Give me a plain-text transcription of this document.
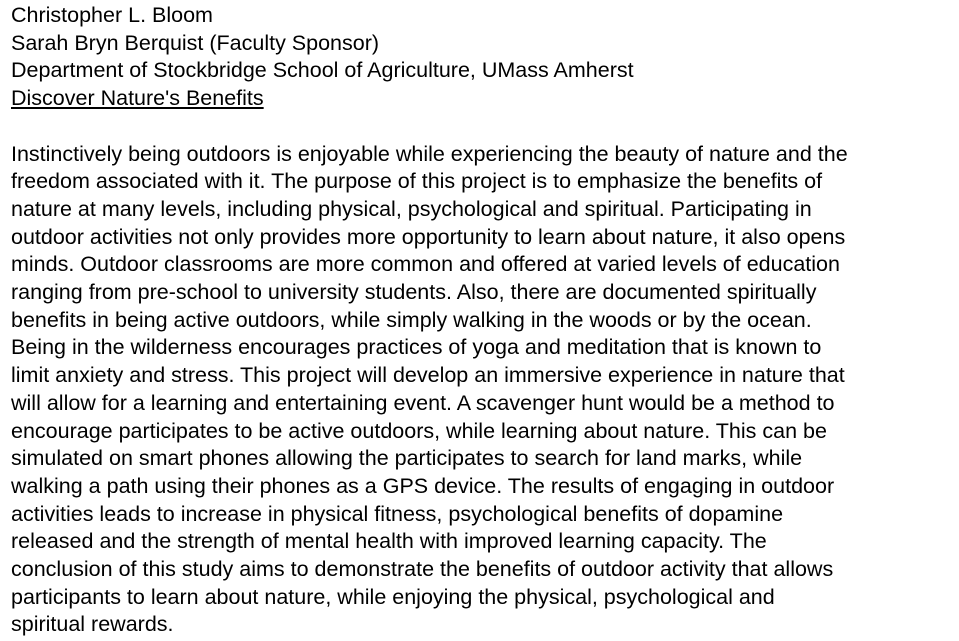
Christopher L. Bloom
Sarah Bryn Berquist (Faculty Sponsor)
Department of Stockbridge School of Agriculture, UMass Amherst
Discover Nature's Benefits
Instinctively being outdoors is enjoyable while experiencing the beauty of nature and the
freedom associated with it. The purpose of this project is to emphasize the benefits of
nature at many levels, including physical, psychological and spiritual. Participating in
outdoor activities not only provides more opportunity to learn about nature, it also opens
minds. Outdoor classrooms are more common and offered at varied levels of education
ranging from pre-school to university students. Also, there are documented spiritually
benefits in being active outdoors, while simply walking in the woods or by the ocean.
Being in the wilderness encourages practices of yoga and meditation that is known to
limit anxiety and stress. This project will develop an immersive experience in nature that
will allow for a learning and entertaining event. A scavenger hunt would be a method to
encourage participates to be active outdoors, while learning about nature. This can be
simulated on smart phones allowing the participates to search for land marks, while
walking a path using their phones as a GPS device. The results of engaging in outdoor
activities leads to increase in physical fitness, psychological benefits of dopamine
released and the strength of mental health with improved learning capacity. The
conclusion of this study aims to demonstrate the benefits of outdoor activity that allows
participants to learn about nature, while enjoying the physical, psychological and
spiritual rewards.
